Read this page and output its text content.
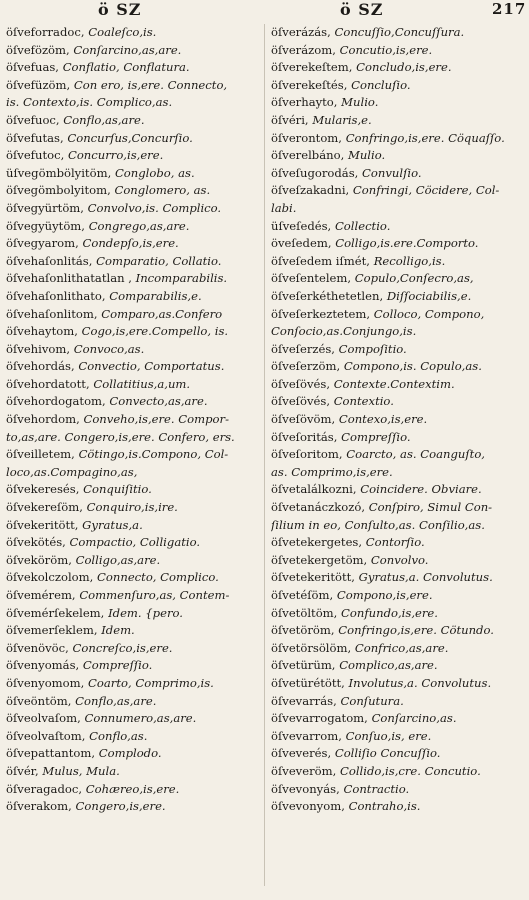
ö SZ	ö SZ	217
öſveforradoc, Coaleſco,is.
öſvefözöm, Conſarcino,as,are.
öſvefuas, Conflatio, Conflatura.
öſvefüzöm, Con ero, is,ere. Connecto,
is. Contexto,is. Complico,as.
öſvefuoc, Conflo,as,are.
öſvefutas, Concurſus,Concurſio.
öſvefutoc, Concurro,is,ere.
üſvegömbölyitöm, Conglobo, as.
öſvegömbolyitom, Conglomero, as.
öſvegyürtöm, Convolvo,is. Complico.
öſvegyüytöm, Congrego,as,are.
öſvegyarom, Condepſo,is,ere.
öſvehaſonlitás, Comparatio, Collatio.
öſvehaſonlithatatlan , Incomparabilis.
öſvehaſonlithato, Comparabilis,e.
öſvehaſonlitom, Comparo,as.Confero
öſvehaytom, Cogo,is,ere.Compello, is.
öſvehivom, Convoco,as.
öſvehordás, Convectio, Comportatus.
öſvehordatott, Collatitius,a,um.
öſvehordogatom, Convecto,as,are.
öſvehordom, Conveho,is,ere. Compor-
to,as,are. Congero,is,ere. Confero, ers.
öſveilletem, Cötingo,is.Compono, Col-
loco,as.Compagino,as,
öſvekeresés, Conquiſitio.
öſvekereſöm, Conquiro,is,ire.
öſvekeritött, Gyratus,a.
öſvekötés, Compactio, Colligatio.
öſveköröm, Colligo,as,are.
öſvekolczolom, Connecto, Complico.
öſvemérem, Commenſuro,as, Contem-
öſvemérſekelem, Idem. {pero.
öſvemerſeklem, Idem.
öſvenövöc, Concreſco,is,ere.
öſvenyomás, Compreſſio.
öſvenyomom, Coarto, Comprimo,is.
öſveöntöm, Conflo,as,are.
öſveolvaſom, Connumero,as,are.
öſveolvaſtom, Conflo,as.
öſvepattantom, Complodo.
öſvér, Mulus, Mula.
öſveragadoc, Cohæreo,is,ere.
öſverakom, Congero,is,ere.
öſverázás, Concuſſio,Concuſſura.
öſverázom, Concutio,is,ere.
öſverekeſtem, Concludo,is,ere.
öſverekeſtés, Concluſio.
öſverhayto, Mulio.
öſvéri, Mularis,e.
öſverontom, Confringo,is,ere. Cöquaſſo.
öſverelbáno, Mulio.
öſveſugorodás, Convulſio.
öſveſzakadni, Confringi, Cöcidere, Col-
labi.
üſveſedés, Collectio.
öveſedem, Colligo,is.ere.Comporto.
öſveſedem iſmét, Recolligo,is.
öſveſentelem, Copulo,Conſecro,as,
öſveſerkéthetetlen, Diſſociabilis,e.
öſveſerkeztetem, Colloco, Compono,
Conſocio,as.Conjungo,is.
öſveſerzés, Compoſitio.
öſveſerzöm, Compono,is. Copulo,as.
öſveſövés, Contexte.Contextim.
öſveſövés, Contextio.
öſveſövöm, Contexo,is,ere.
öſveſoritás, Compreſſio.
öſveſoritom, Coarcto, as. Coanguſto,
as. Comprimo,is,ere.
öſvetalálkozni, Coincidere. Obviare.
öſvetanáczkozó, Conſpiro, Simul Con-
ſilium in eo, Conſulto,as. Conſilio,as.
öſvetekergetes, Contorſio.
öſvetekergetöm, Convolvo.
öſvetekeritött, Gyratus,a. Convolutus.
öſvetéſöm, Compono,is,ere.
öſvetöltöm, Confundo,is,ere.
öſvetöröm, Confringo,is,ere. Cötundo.
öſvetörsölöm, Confrico,as,are.
öſvetürüm, Complico,as,are.
öſvetürétött, Involutus,a. Convolutus.
öſvevarrás, Conſutura.
öſvevarrogatom, Conſarcino,as.
öſvevarrom, Conſuo,is, ere.
öſveverés, Colliſio Concuſſio.
öſveveröm, Collido,is,cre. Concutio.
öſvevonyás, Contractio.
öſvevonyom, Contraho,is.
